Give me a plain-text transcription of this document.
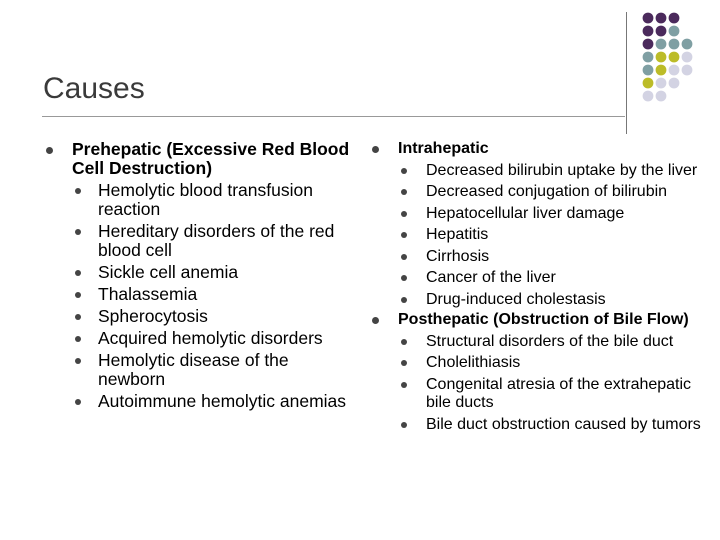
Causes
Prehepatic (Excessive Red Blood Cell Destruction)
Hemolytic blood transfusion reaction
Hereditary disorders of the red blood cell
Sickle cell anemia
Thalassemia
Spherocytosis
Acquired hemolytic disorders
Hemolytic disease of the newborn
Autoimmune hemolytic anemias
Intrahepatic
Decreased bilirubin uptake by the liver
Decreased conjugation of bilirubin
Hepatocellular liver damage
Hepatitis
Cirrhosis
Cancer of the liver
Drug-induced cholestasis
Posthepatic (Obstruction of Bile Flow)
Structural disorders of the bile duct
Cholelithiasis
Congenital atresia of the extrahepatic bile ducts
Bile duct obstruction caused by tumors
